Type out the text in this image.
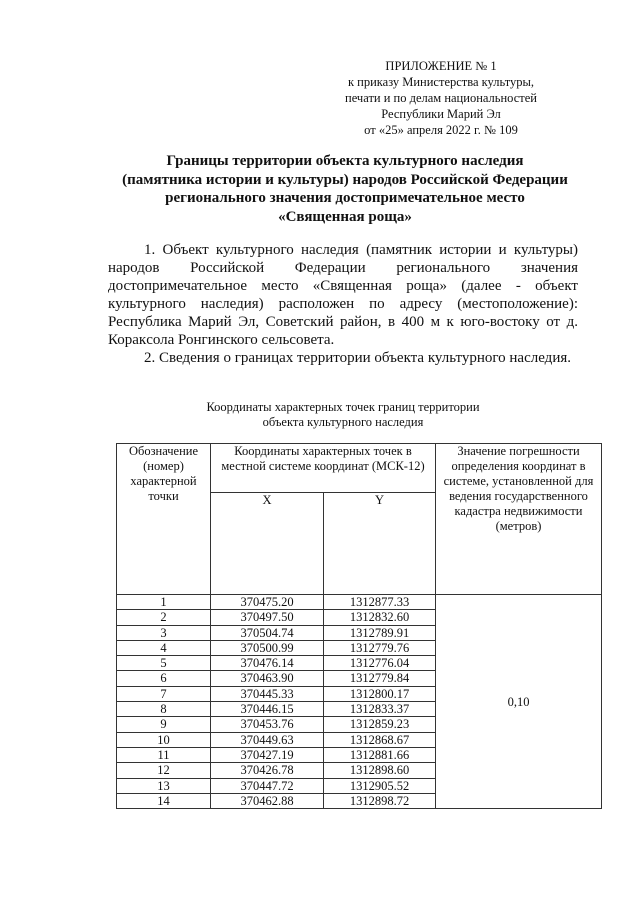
ПРИЛОЖЕНИЕ № 1
к приказу Министерства культуры,
печати и по делам национальностей
Республики Марий Эл
от «25» апреля 2022 г. № 109
Границы территории объекта культурного наследия
(памятника истории и культуры) народов Российской Федерации
регионального значения достопримечательное место
«Священная роща»

1. Объект культурного наследия (памятник истории и культуры) народов Российской Федерации регионального значения достопримечательное место «Священная роща» (далее - объект культурного наследия) расположен по адресу (местоположение): Республика Марий Эл, Советский район, в 400 м к юго-востоку от д. Коракcола Ронгинского сельсовета.

2. Сведения о границах территории объекта культурного наследия.

Координаты характерных точек границ территории
объекта культурного наследия
Обозначение (номер) характерной точки	Координаты характерных точек в местной системе координат (МСК-12)		Значение погрешности определения координат в системе, установленной для ведения государственного кадастра недвижимости (метров)
	X	Y	
1	370475.20	1312877.33	0,10
2	370497.50	1312832.60	
3	370504.74	1312789.91	
4	370500.99	1312779.76	
5	370476.14	1312776.04	
6	370463.90	1312779.84	
7	370445.33	1312800.17	
8	370446.15	1312833.37	
9	370453.76	1312859.23	
10	370449.63	1312868.67	
11	370427.19	1312881.66	
12	370426.78	1312898.60	
13	370447.72	1312905.52	
14	370462.88	1312898.72	
